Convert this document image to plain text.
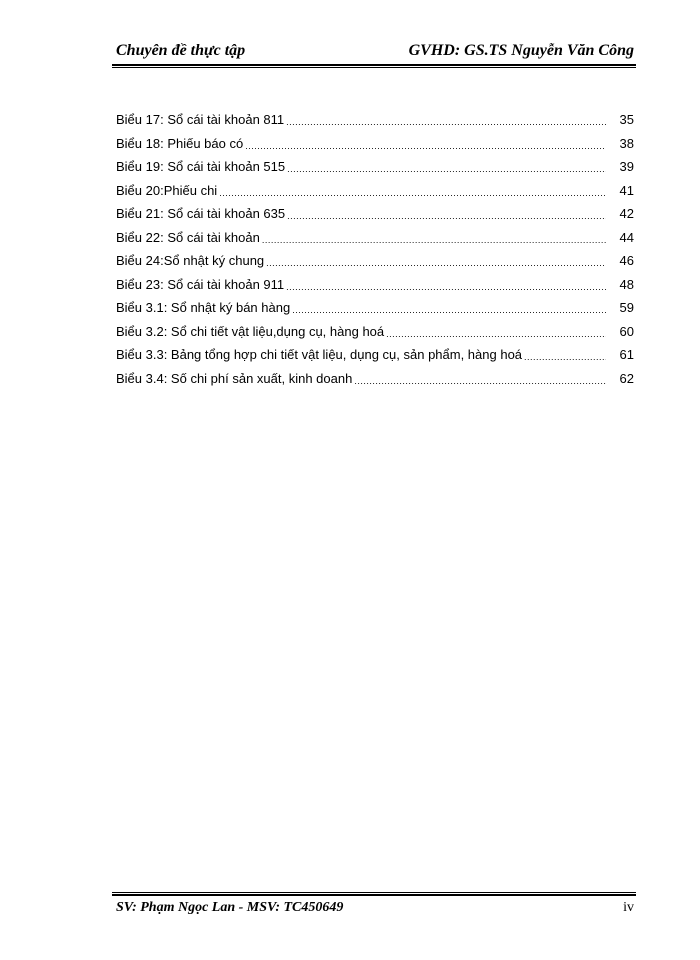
Chuyên đề thực tập	GVHD: GS.TS Nguyễn Văn Công
Biểu 17: Sổ cái tài khoản 811 .....	35
Biểu 18: Phiếu báo có .....	38
Biểu 19: Sổ cái tài khoản 515 .....	39
Biểu 20:Phiếu chi .....	41
Biểu 21: Sổ cái tài khoản 635 .....	42
Biểu 22: Sổ cái tài khoản .....	44
Biểu 24:Sổ nhật ký chung .....	46
Biểu 23: Sổ cái tài khoản 911 .....	48
Biểu 3.1: Sổ nhật ký bán hàng .....	59
Biểu 3.2: Sổ chi tiết vật liệu,dụng cụ, hàng hoá .....	60
Biểu 3.3: Bảng tổng hợp chi tiết vật liệu, dụng cụ, sản phẩm, hàng hoá .....	61
Biểu 3.4: Số chi phí sản xuất, kinh doanh .....	62
SV: Phạm Ngọc Lan - MSV: TC450649	iv
